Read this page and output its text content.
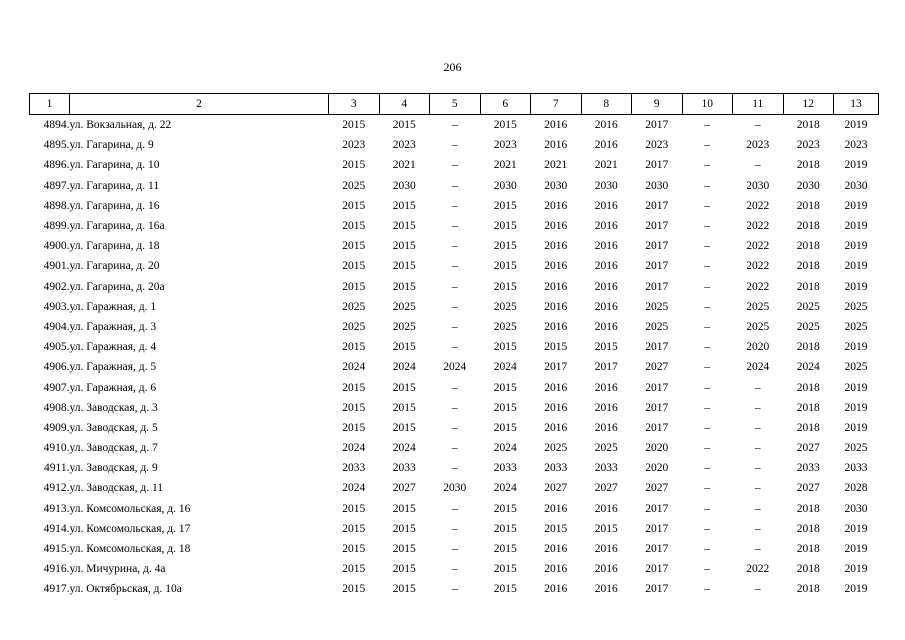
206
1	2	3	4	5	6	7	8	9	10	11	12	13
4894.	ул. Вокзальная, д. 22	2015	2015	–	2015	2016	2016	2017	–	–	2018	2019
4895.	ул. Гагарина, д. 9	2023	2023	–	2023	2016	2016	2023	–	2023	2023	2023
4896.	ул. Гагарина, д. 10	2015	2021	–	2021	2021	2021	2017	–	–	2018	2019
4897.	ул. Гагарина, д. 11	2025	2030	–	2030	2030	2030	2030	–	2030	2030	2030
4898.	ул. Гагарина, д. 16	2015	2015	–	2015	2016	2016	2017	–	2022	2018	2019
4899.	ул. Гагарина, д. 16а	2015	2015	–	2015	2016	2016	2017	–	2022	2018	2019
4900.	ул. Гагарина, д. 18	2015	2015	–	2015	2016	2016	2017	–	2022	2018	2019
4901.	ул. Гагарина, д. 20	2015	2015	–	2015	2016	2016	2017	–	2022	2018	2019
4902.	ул. Гагарина, д. 20а	2015	2015	–	2015	2016	2016	2017	–	2022	2018	2019
4903.	ул. Гаражная, д. 1	2025	2025	–	2025	2016	2016	2025	–	2025	2025	2025
4904.	ул. Гаражная, д. 3	2025	2025	–	2025	2016	2016	2025	–	2025	2025	2025
4905.	ул. Гаражная, д. 4	2015	2015	–	2015	2015	2015	2017	–	2020	2018	2019
4906.	ул. Гаражная, д. 5	2024	2024	2024	2024	2017	2017	2027	–	2024	2024	2025
4907.	ул. Гаражная, д. 6	2015	2015	–	2015	2016	2016	2017	–	–	2018	2019
4908.	ул. Заводская, д. 3	2015	2015	–	2015	2016	2016	2017	–	–	2018	2019
4909.	ул. Заводская, д. 5	2015	2015	–	2015	2016	2016	2017	–	–	2018	2019
4910.	ул. Заводская, д. 7	2024	2024	–	2024	2025	2025	2020	–	–	2027	2025
4911.	ул. Заводская, д. 9	2033	2033	–	2033	2033	2033	2020	–	–	2033	2033
4912.	ул. Заводская, д. 11	2024	2027	2030	2024	2027	2027	2027	–	–	2027	2028
4913.	ул. Комсомольская, д. 16	2015	2015	–	2015	2016	2016	2017	–	–	2018	2030
4914.	ул. Комсомольская, д. 17	2015	2015	–	2015	2015	2015	2017	–	–	2018	2019
4915.	ул. Комсомольская, д. 18	2015	2015	–	2015	2016	2016	2017	–	–	2018	2019
4916.	ул. Мичурина, д. 4а	2015	2015	–	2015	2016	2016	2017	–	2022	2018	2019
4917.	ул. Октябрьская, д. 10а	2015	2015	–	2015	2016	2016	2017	–	–	2018	2019
